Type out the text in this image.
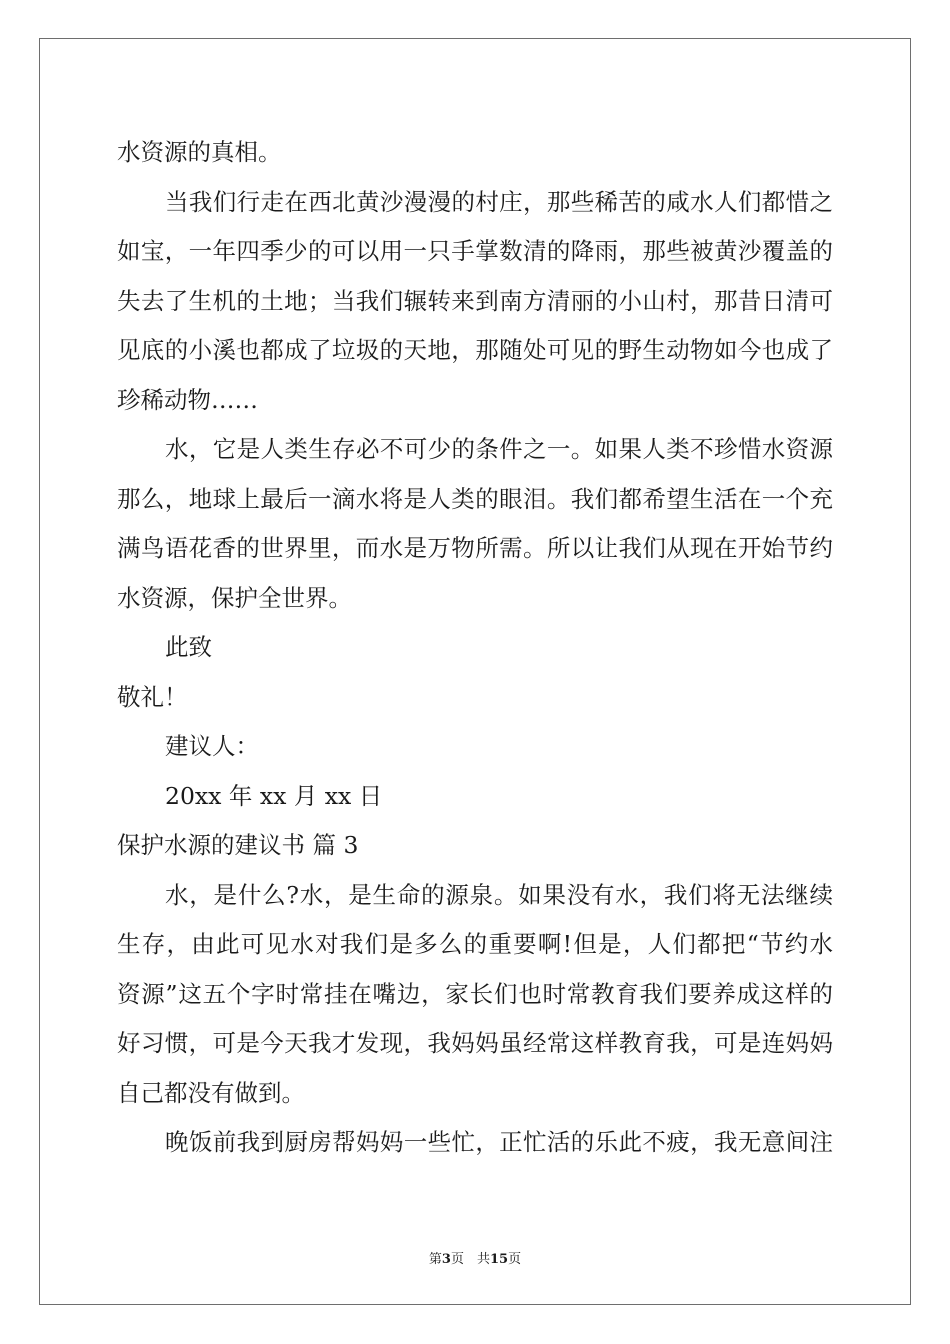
水资源的真相。
当我们行走在西北黄沙漫漫的村庄，那些稀苦的咸水人们都惜之
如宝，一年四季少的可以用一只手掌数清的降雨，那些被黄沙覆盖的
失去了生机的土地；当我们辗转来到南方清丽的小山村，那昔日清可
见底的小溪也都成了垃圾的天地，那随处可见的野生动物如今也成了
珍稀动物……
水，它是人类生存必不可少的条件之一。如果人类不珍惜水资源
那么，地球上最后一滴水将是人类的眼泪。我们都希望生活在一个充
满鸟语花香的世界里，而水是万物所需。所以让我们从现在开始节约
水资源，保护全世界。
此致
敬礼！
建议人：
20xx 年 xx 月 xx 日
保护水源的建议书 篇 3
水，是什么?水，是生命的源泉。如果没有水，我们将无法继续
生存，由此可见水对我们是多么的重要啊!但是，人们都把“节约水
资源”这五个字时常挂在嘴边，家长们也时常教育我们要养成这样的
好习惯，可是今天我才发现，我妈妈虽经常这样教育我，可是连妈妈
自己都没有做到。
晚饭前我到厨房帮妈妈一些忙，正忙活的乐此不疲，我无意间注
第3页　共15页
